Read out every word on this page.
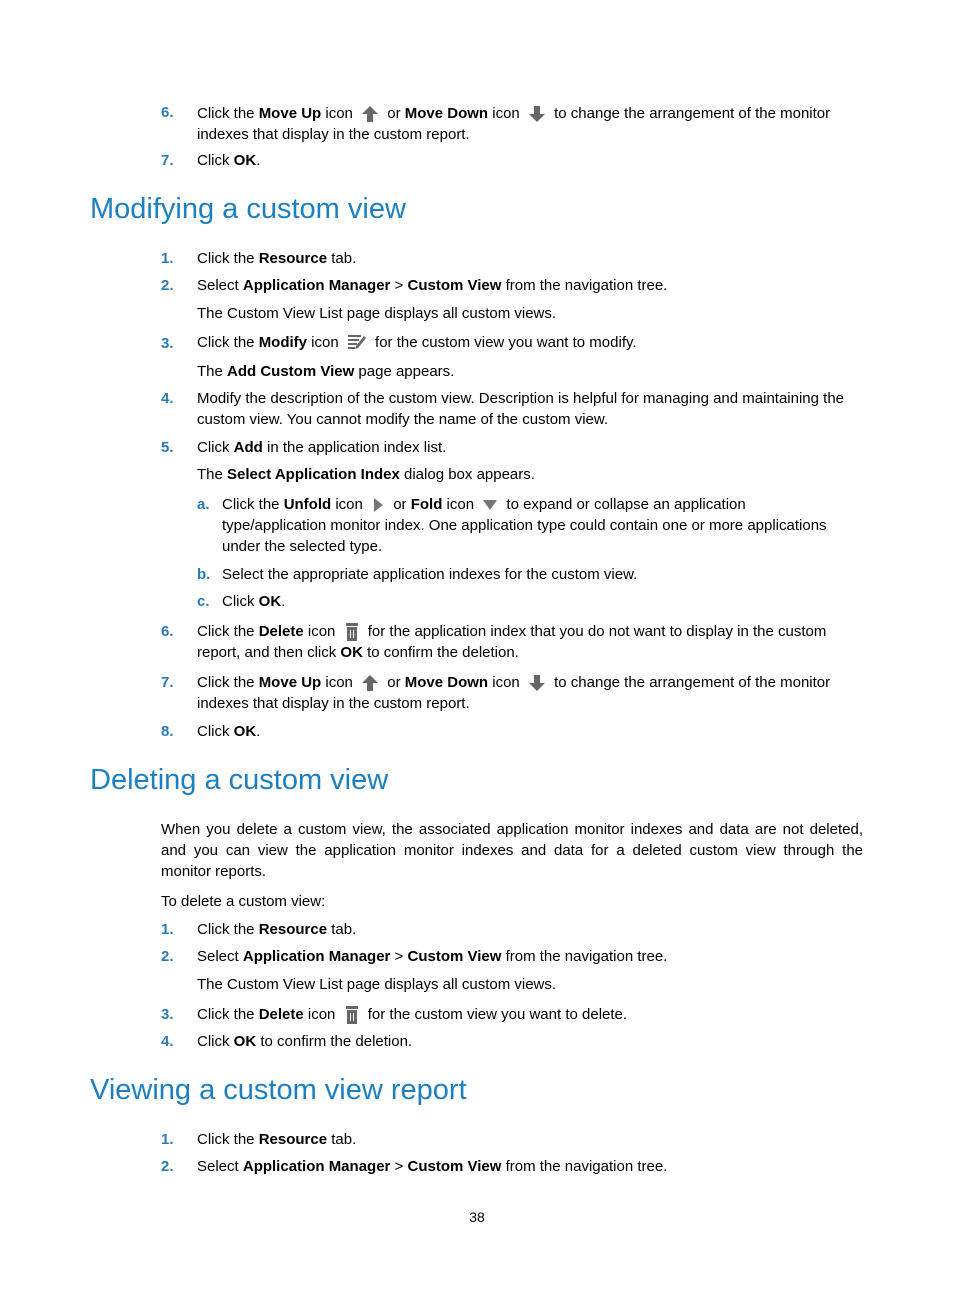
6. Click the Move Up icon  or Move Down icon  to change the arrangement of the monitor
indexes that display in the custom report.
7. Click OK.
Modifying a custom view
1. Click the Resource tab.
2. Select Application Manager > Custom View from the navigation tree.
The Custom View List page displays all custom views.
3. Click the Modify icon  for the custom view you want to modify.
The Add Custom View page appears.
4. Modify the description of the custom view. Description is helpful for managing and maintaining the
custom view. You cannot modify the name of the custom view.
5. Click Add in the application index list.
The Select Application Index dialog box appears.
a. Click the Unfold icon  or Fold icon  to expand or collapse an application
type/application monitor index. One application type could contain one or more applications
under the selected type.
b. Select the appropriate application indexes for the custom view.
c. Click OK.
6. Click the Delete icon  for the application index that you do not want to display in the custom
report, and then click OK to confirm the deletion.
7. Click the Move Up icon  or Move Down icon  to change the arrangement of the monitor
indexes that display in the custom report.
8. Click OK.
Deleting a custom view
When you delete a custom view, the associated application monitor indexes and data are not deleted,
and you can view the application monitor indexes and data for a deleted custom view through the
monitor reports.
To delete a custom view:
1. Click the Resource tab.
2. Select Application Manager > Custom View from the navigation tree.
The Custom View List page displays all custom views.
3. Click the Delete icon  for the custom view you want to delete.
4. Click OK to confirm the deletion.
Viewing a custom view report
1. Click the Resource tab.
2. Select Application Manager > Custom View from the navigation tree.
38
